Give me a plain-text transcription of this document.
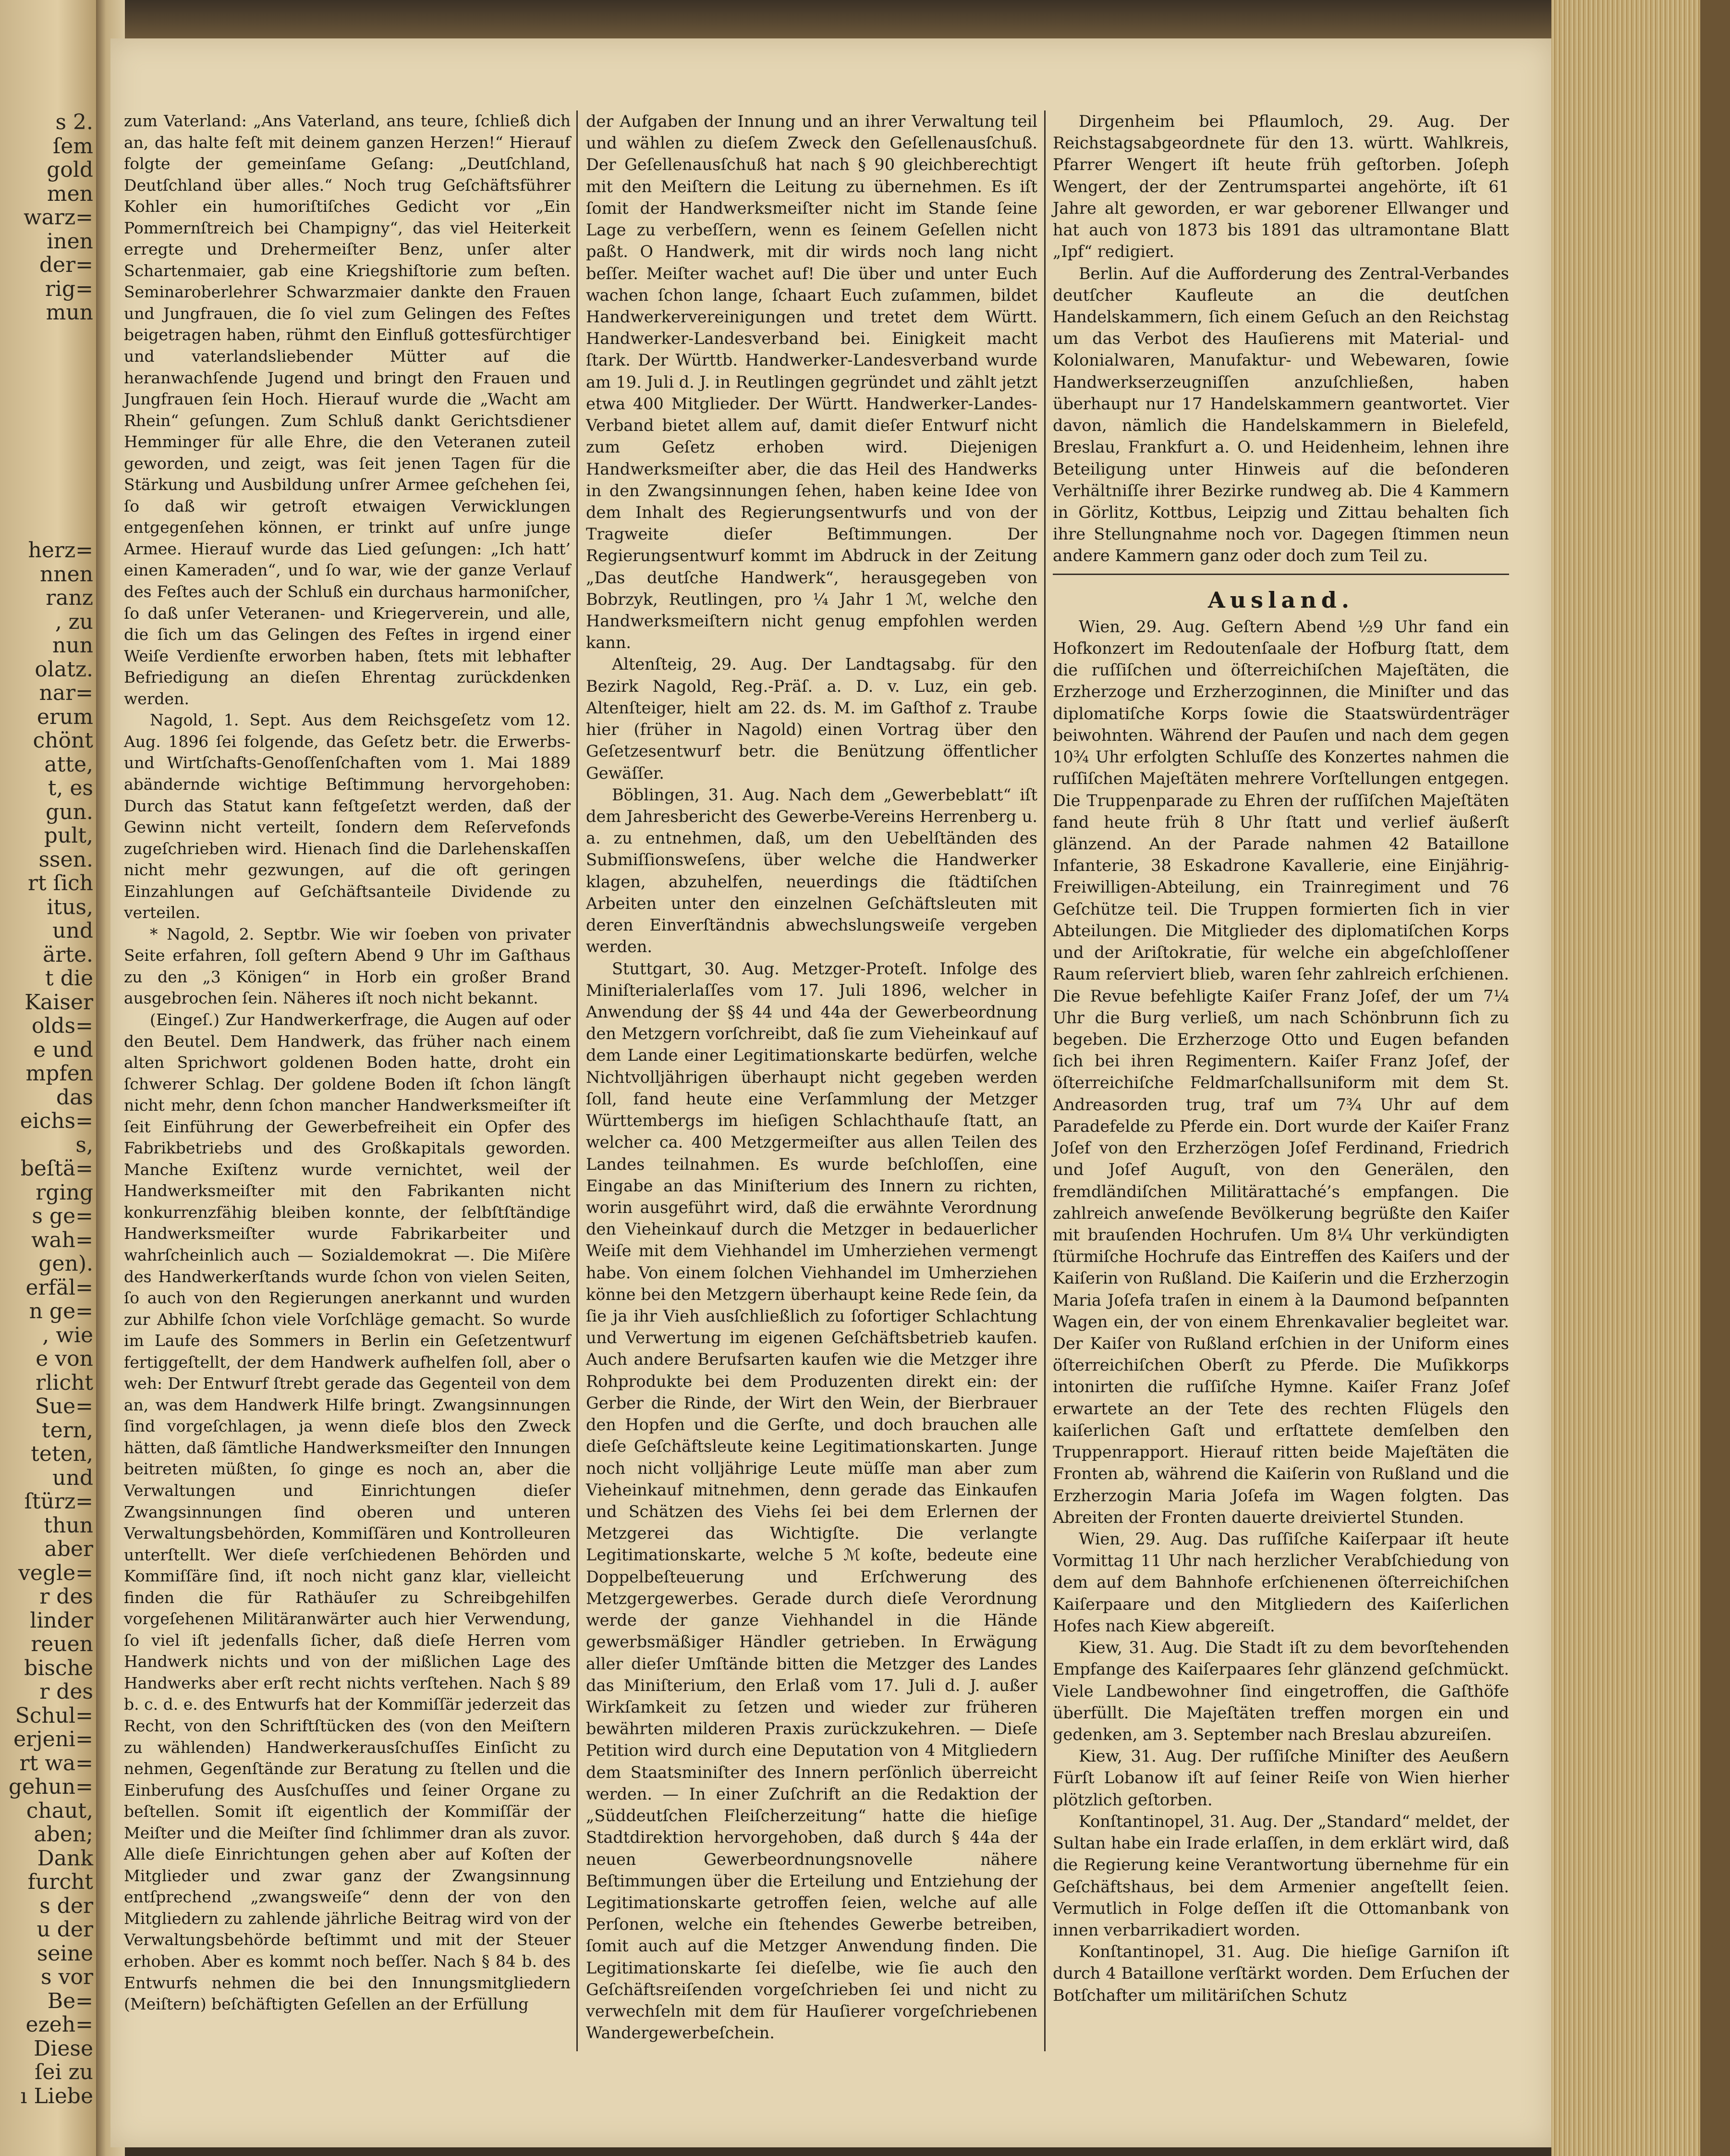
s 2.
ſem
gold
men
warz=
inen
der=
rig=
mun
herz=
nnen
ranz
‚ zu
nun
olatz.
nar=
erum
chönt
atte,
t, es
gun.
pult,
ssen.
rt ſich
itus,
und
ärte.
t die
Kaiser
olds=
e und
mpfen
das
eichs=
s,
beſtä=
rging
s ge=
wah=
gen).
erfäl=
n ge=
, wie
e von
rlicht
Sue=
tern,
teten,
und
ſtürz=
thun
aber
vegle=
r des
linder
reuen
bische
r des
Schul=
erjeni=
rt wa=
gehun=
chaut,
aben;
Dank
furcht
s der
u der
seine
s vor
Be=
ezeh=
Diese
ſei zu
ı Liebe

zum Vaterland: „Ans Vaterland, ans teure, ſchließ dich an, das halte feſt mit deinem ganzen Herzen!“ Hierauf folgte der gemeinſame Geſang: „Deutſchland, Deutſchland über alles.“ Noch trug Geſchäftsführer Kohler ein humoriſtiſches Gedicht vor „Ein Pommernſtreich bei Champigny“, das viel Heiterkeit erregte und Drehermeiſter Benz, unſer alter Schartenmaier, gab eine Kriegshiſtorie zum beſten. Seminaroberlehrer Schwarzmaier dankte den Frauen und Jungfrauen, die ſo viel zum Gelingen des Feſtes beigetragen haben, rühmt den Einfluß gottesfürchtiger und vaterlandsliebender Mütter auf die heranwachſende Jugend und bringt den Frauen und Jungfrauen ſein Hoch. Hierauf wurde die „Wacht am Rhein“ geſungen. Zum Schluß dankt Gerichtsdiener Hemminger für alle Ehre, die den Veteranen zuteil geworden, und zeigt, was ſeit jenen Tagen für die Stärkung und Ausbildung unſrer Armee geſchehen ſei, ſo daß wir getroſt etwaigen Verwicklungen entgegenſehen können, er trinkt auf unſre junge Armee. Hierauf wurde das Lied geſungen: „Ich hatt’ einen Kameraden“, und ſo war, wie der ganze Verlauf des Feſtes auch der Schluß ein durchaus harmoniſcher, ſo daß unſer Veteranen- und Kriegerverein, und alle, die ſich um das Gelingen des Feſtes in irgend einer Weiſe Verdienſte erworben haben, ſtets mit lebhafter Befriedigung an dieſen Ehrentag zurückdenken werden.

Nagold, 1. Sept. Aus dem Reichsgeſetz vom 12. Aug. 1896 ſei folgende, das Geſetz betr. die Erwerbs- und Wirtſchafts-Genoſſenſchaften vom 1. Mai 1889 abändernde wichtige Beſtimmung hervorgehoben: Durch das Statut kann feſtgeſetzt werden, daß der Gewinn nicht verteilt, ſondern dem Reſervefonds zugeſchrieben wird. Hienach ſind die Darlehenskaſſen nicht mehr gezwungen, auf die oft geringen Einzahlungen auf Geſchäftsanteile Dividende zu verteilen.

* Nagold, 2. Septbr. Wie wir ſoeben von privater Seite erfahren, ſoll geſtern Abend 9 Uhr im Gaſthaus zu den „3 Königen“ in Horb ein großer Brand ausgebrochen ſein. Näheres iſt noch nicht bekannt.

(Eingeſ.) Zur Handwerkerfrage, die Augen auf oder den Beutel. Dem Handwerk, das früher nach einem alten Sprichwort goldenen Boden hatte, droht ein ſchwerer Schlag. Der goldene Boden iſt ſchon längſt nicht mehr, denn ſchon mancher Handwerksmeiſter iſt ſeit Einführung der Gewerbefreiheit ein Opfer des Fabrikbetriebs und des Großkapitals geworden. Manche Exiſtenz wurde vernichtet, weil der Handwerksmeiſter mit den Fabrikanten nicht konkurrenzfähig bleiben konnte, der ſelbſtſtändige Handwerksmeiſter wurde Fabrikarbeiter und wahrſcheinlich auch — Sozialdemokrat —. Die Miſère des Handwerkerſtands wurde ſchon von vielen Seiten, ſo auch von den Regierungen anerkannt und wurden zur Abhilfe ſchon viele Vorſchläge gemacht. So wurde im Laufe des Sommers in Berlin ein Geſetzentwurf fertiggeſtellt, der dem Handwerk aufhelfen ſoll, aber o weh: Der Entwurf ſtrebt gerade das Gegenteil von dem an, was dem Handwerk Hilfe bringt. Zwangsinnungen ſind vorgeſchlagen, ja wenn dieſe blos den Zweck hätten, daß ſämtliche Handwerksmeiſter den Innungen beitreten müßten, ſo ginge es noch an, aber die Verwaltungen und Einrichtungen dieſer Zwangsinnungen ſind oberen und unteren Verwaltungsbehörden, Kommiſſären und Kontrolleuren unterſtellt. Wer dieſe verſchiedenen Behörden und Kommiſſäre ſind, iſt noch nicht ganz klar, vielleicht finden die für Rathäuſer zu Schreibgehilfen vorgeſehenen Militäranwärter auch hier Verwendung, ſo viel iſt jedenfalls ſicher, daß dieſe Herren vom Handwerk nichts und von der mißlichen Lage des Handwerks aber erſt recht nichts verſtehen. Nach § 89 b. c. d. e. des Entwurfs hat der Kommiſſär jederzeit das Recht, von den Schriftſtücken des (von den Meiſtern zu wählenden) Handwerkerausſchuſſes Einſicht zu nehmen, Gegenſtände zur Beratung zu ſtellen und die Einberufung des Ausſchuſſes und ſeiner Organe zu beſtellen. Somit iſt eigentlich der Kommiſſär der Meiſter und die Meiſter ſind ſchlimmer dran als zuvor. Alle dieſe Einrichtungen gehen aber auf Koſten der Mitglieder und zwar ganz der Zwangsinnung entſprechend „zwangsweiſe“ denn der von den Mitgliedern zu zahlende jährliche Beitrag wird von der Verwaltungsbehörde beſtimmt und mit der Steuer erhoben. Aber es kommt noch beſſer. Nach § 84 b. des Entwurfs nehmen die bei den Innungsmitgliedern (Meiſtern) beſchäftigten Geſellen an der Erfüllung

der Aufgaben der Innung und an ihrer Verwaltung teil und wählen zu dieſem Zweck den Geſellenausſchuß. Der Geſellenausſchuß hat nach § 90 gleichberechtigt mit den Meiſtern die Leitung zu übernehmen. Es iſt ſomit der Handwerksmeiſter nicht im Stande ſeine Lage zu verbeſſern, wenn es ſeinem Geſellen nicht paßt. O Handwerk, mit dir wirds noch lang nicht beſſer. Meiſter wachet auf! Die über und unter Euch wachen ſchon lange, ſchaart Euch zuſammen, bildet Handwerkervereinigungen und tretet dem Württ. Handwerker-Landesverband bei. Einigkeit macht ſtark. Der Württb. Handwerker-Landesverband wurde am 19. Juli d. J. in Reutlingen gegründet und zählt jetzt etwa 400 Mitglieder. Der Württ. Handwerker-Landes-Verband bietet allem auf, damit dieſer Entwurf nicht zum Geſetz erhoben wird. Diejenigen Handwerksmeiſter aber, die das Heil des Handwerks in den Zwangsinnungen ſehen, haben keine Idee von dem Inhalt des Regierungsentwurfs und von der Tragweite dieſer Beſtimmungen. Der Regierungsentwurf kommt im Abdruck in der Zeitung „Das deutſche Handwerk“, herausgegeben von Bobrzyk, Reutlingen, pro ¼ Jahr 1 ℳ, welche den Handwerksmeiſtern nicht genug empfohlen werden kann.

Altenſteig, 29. Aug. Der Landtagsabg. für den Bezirk Nagold, Reg.-Präſ. a. D. v. Luz, ein geb. Altenſteiger, hielt am 22. ds. M. im Gaſthof z. Traube hier (früher in Nagold) einen Vortrag über den Geſetzesentwurf betr. die Benützung öffentlicher Gewäſſer.

Böblingen, 31. Aug. Nach dem „Gewerbeblatt“ iſt dem Jahresbericht des Gewerbe-Vereins Herrenberg u. a. zu entnehmen, daß, um den Uebelſtänden des Submiſſionsweſens, über welche die Handwerker klagen, abzuhelfen, neuerdings die ſtädtiſchen Arbeiten unter den einzelnen Geſchäftsleuten mit deren Einverſtändnis abwechslungsweiſe vergeben werden.

Stuttgart, 30. Aug. Metzger-Proteſt. Infolge des Miniſterialerlaſſes vom 17. Juli 1896, welcher in Anwendung der §§ 44 und 44a der Gewerbeordnung den Metzgern vorſchreibt, daß ſie zum Vieheinkauf auf dem Lande einer Legitimationskarte bedürfen, welche Nichtvolljährigen überhaupt nicht gegeben werden ſoll, fand heute eine Verſammlung der Metzger Württembergs im hieſigen Schlachthauſe ſtatt, an welcher ca. 400 Metzgermeiſter aus allen Teilen des Landes teilnahmen. Es wurde beſchloſſen, eine Eingabe an das Miniſterium des Innern zu richten, worin ausgeführt wird, daß die erwähnte Verordnung den Vieheinkauf durch die Metzger in bedauerlicher Weiſe mit dem Viehhandel im Umherziehen vermengt habe. Von einem ſolchen Viehhandel im Umherziehen könne bei den Metzgern überhaupt keine Rede ſein, da ſie ja ihr Vieh ausſchließlich zu ſofortiger Schlachtung und Verwertung im eigenen Geſchäftsbetrieb kaufen. Auch andere Berufsarten kaufen wie die Metzger ihre Rohprodukte bei dem Produzenten direkt ein: der Gerber die Rinde, der Wirt den Wein, der Bierbrauer den Hopfen und die Gerſte, und doch brauchen alle dieſe Geſchäftsleute keine Legitimationskarten. Junge noch nicht volljährige Leute müſſe man aber zum Vieheinkauf mitnehmen, denn gerade das Einkaufen und Schätzen des Viehs ſei bei dem Erlernen der Metzgerei das Wichtigſte. Die verlangte Legitimationskarte, welche 5 ℳ koſte, bedeute eine Doppelbeſteuerung und Erſchwerung des Metzgergewerbes. Gerade durch dieſe Verordnung werde der ganze Viehhandel in die Hände gewerbsmäßiger Händler getrieben. In Erwägung aller dieſer Umſtände bitten die Metzger des Landes das Miniſterium, den Erlaß vom 17. Juli d. J. außer Wirkſamkeit zu ſetzen und wieder zur früheren bewährten milderen Praxis zurückzukehren. — Dieſe Petition wird durch eine Deputation von 4 Mitgliedern dem Staatsminiſter des Innern perſönlich überreicht werden. — In einer Zuſchrift an die Redaktion der „Süddeutſchen Fleiſcherzeitung“ hatte die hieſige Stadtdirektion hervorgehoben, daß durch § 44a der neuen Gewerbeordnungsnovelle nähere Beſtimmungen über die Erteilung und Entziehung der Legitimationskarte getroffen ſeien, welche auf alle Perſonen, welche ein ſtehendes Gewerbe betreiben, ſomit auch auf die Metzger Anwendung finden. Die Legitimationskarte ſei dieſelbe, wie ſie auch den Geſchäftsreiſenden vorgeſchrieben ſei und nicht zu verwechſeln mit dem für Hauſierer vorgeſchriebenen Wandergewerbeſchein.

Dirgenheim bei Pflaumloch, 29. Aug. Der Reichstagsabgeordnete für den 13. württ. Wahlkreis, Pfarrer Wengert iſt heute früh geſtorben. Joſeph Wengert, der der Zentrumspartei angehörte, iſt 61 Jahre alt geworden, er war geborener Ellwanger und hat auch von 1873 bis 1891 das ultramontane Blatt „Ipf“ redigiert.

Berlin. Auf die Aufforderung des Zentral-Verbandes deutſcher Kaufleute an die deutſchen Handelskammern, ſich einem Geſuch an den Reichstag um das Verbot des Hauſierens mit Material- und Kolonialwaren, Manufaktur- und Webewaren, ſowie Handwerkserzeugniſſen anzuſchließen, haben überhaupt nur 17 Handelskammern geantwortet. Vier davon, nämlich die Handelskammern in Bielefeld, Breslau, Frankfurt a. O. und Heidenheim, lehnen ihre Beteiligung unter Hinweis auf die beſonderen Verhältniſſe ihrer Bezirke rundweg ab. Die 4 Kammern in Görlitz, Kottbus, Leipzig und Zittau behalten ſich ihre Stellungnahme noch vor. Dagegen ſtimmen neun andere Kammern ganz oder doch zum Teil zu.

Ausland.

Wien, 29. Aug. Geſtern Abend ½9 Uhr fand ein Hofkonzert im Redoutenſaale der Hofburg ſtatt, dem die ruſſiſchen und öſterreichiſchen Majeſtäten, die Erzherzoge und Erzherzoginnen, die Miniſter und das diplomatiſche Korps ſowie die Staatswürdenträger beiwohnten. Während der Pauſen und nach dem gegen 10¾ Uhr erfolgten Schluſſe des Konzertes nahmen die ruſſiſchen Majeſtäten mehrere Vorſtellungen entgegen. Die Truppenparade zu Ehren der ruſſiſchen Majeſtäten fand heute früh 8 Uhr ſtatt und verlief äußerſt glänzend. An der Parade nahmen 42 Bataillone Infanterie, 38 Eskadrone Kavallerie, eine Einjährig-Freiwilligen-Abteilung, ein Trainregiment und 76 Geſchütze teil. Die Truppen formierten ſich in vier Abteilungen. Die Mitglieder des diplomatiſchen Korps und der Ariſtokratie, für welche ein abgeſchloſſener Raum reſerviert blieb, waren ſehr zahlreich erſchienen. Die Revue befehligte Kaiſer Franz Joſef, der um 7¼ Uhr die Burg verließ, um nach Schönbrunn ſich zu begeben. Die Erzherzoge Otto und Eugen befanden ſich bei ihren Regimentern. Kaiſer Franz Joſef, der öſterreichiſche Feldmarſchallsuniform mit dem St. Andreasorden trug, traf um 7¾ Uhr auf dem Paradefelde zu Pferde ein. Dort wurde der Kaiſer Franz Joſef von den Erzherzögen Joſef Ferdinand, Friedrich und Joſef Auguſt, von den Generälen, den fremdländiſchen Militärattaché’s empfangen. Die zahlreich anweſende Bevölkerung begrüßte den Kaiſer mit brauſenden Hochrufen. Um 8¼ Uhr verkündigten ſtürmiſche Hochrufe das Eintreffen des Kaiſers und der Kaiſerin von Rußland. Die Kaiſerin und die Erzherzogin Maria Joſefa traſen in einem à la Daumond beſpannten Wagen ein, der von einem Ehrenkavalier begleitet war. Der Kaiſer von Rußland erſchien in der Uniform eines öſterreichiſchen Oberſt zu Pferde. Die Muſikkorps intonirten die ruſſiſche Hymne. Kaiſer Franz Joſef erwartete an der Tete des rechten Flügels den kaiſerlichen Gaſt und erſtattete demſelben den Truppenrapport. Hierauf ritten beide Majeſtäten die Fronten ab, während die Kaiſerin von Rußland und die Erzherzogin Maria Joſefa im Wagen folgten. Das Abreiten der Fronten dauerte dreiviertel Stunden.

Wien, 29. Aug. Das ruſſiſche Kaiſerpaar iſt heute Vormittag 11 Uhr nach herzlicher Verabſchiedung von dem auf dem Bahnhofe erſchienenen öſterreichiſchen Kaiſerpaare und den Mitgliedern des Kaiſerlichen Hofes nach Kiew abgereiſt.

Kiew, 31. Aug. Die Stadt iſt zu dem bevorſtehenden Empfange des Kaiſerpaares ſehr glänzend geſchmückt. Viele Landbewohner ſind eingetroffen, die Gaſthöfe überfüllt. Die Majeſtäten treffen morgen ein und gedenken, am 3. September nach Breslau abzureiſen.

Kiew, 31. Aug. Der ruſſiſche Miniſter des Aeußern Fürſt Lobanow iſt auf ſeiner Reiſe von Wien hierher plötzlich geſtorben.

Konſtantinopel, 31. Aug. Der „Standard“ meldet, der Sultan habe ein Irade erlaſſen, in dem erklärt wird, daß die Regierung keine Verantwortung übernehme für ein Geſchäftshaus, bei dem Armenier angeſtellt ſeien. Vermutlich in Folge deſſen iſt die Ottomanbank von innen verbarrikadiert worden.

Konſtantinopel, 31. Aug. Die hieſige Garniſon iſt durch 4 Bataillone verſtärkt worden. Dem Erſuchen der Botſchafter um militäriſchen Schutz
